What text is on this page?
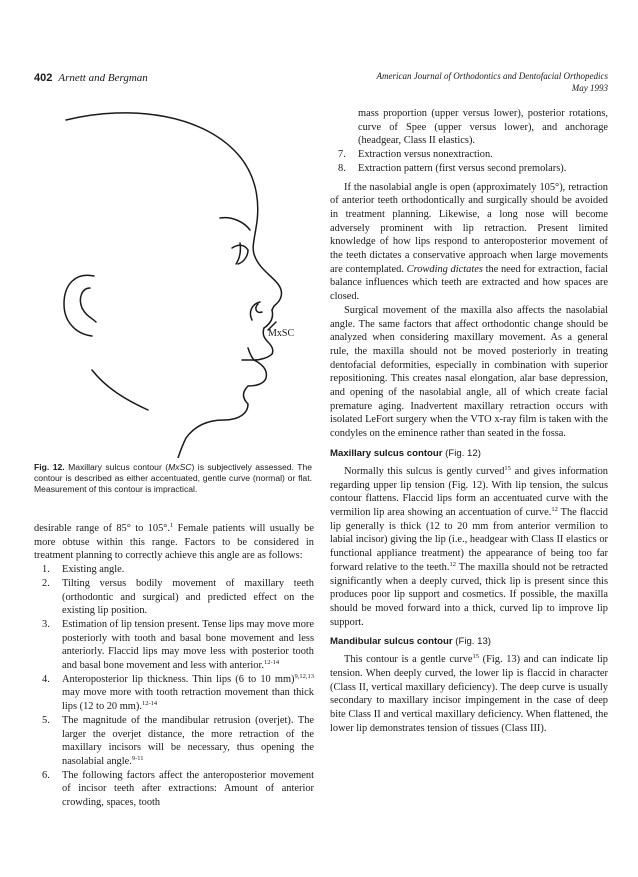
402 Arnett and Bergman	American Journal of Orthodontics and Dentofacial Orthopedics
May 1993
MxSC
Fig. 12. Maxillary sulcus contour (MxSC) is subjectively assessed. The contour is described as either accentuated, gentle curve (normal) or flat. Measurement of this contour is impractical.

desirable range of 85° to 105°.$^1$ Female patients will usually be more obtuse within this range. Factors to be considered in treatment planning to correctly achieve this angle are as follows:

1. Existing angle.
2. Tilting versus bodily movement of maxillary teeth (orthodontic and surgical) and predicted effect on the existing lip position.
3. Estimation of lip tension present. Tense lips may move more posteriorly with tooth and basal bone movement and less anteriorly. Flaccid lips may move less with posterior tooth and basal bone movement and less with anterior.$^{12-14}$
4. Anteroposterior lip thickness. Thin lips (6 to 10 mm)$^{9,12,13}$ may move more with tooth retraction movement than thick lips (12 to 20 mm).$^{12-14}$
5. The magnitude of the mandibular retrusion (overjet). The larger the overjet distance, the more retraction of the maxillary incisors will be necessary, thus opening the nasolabial angle.$^{9-11}$
6. The following factors affect the anteroposterior movement of incisor teeth after extractions: Amount of anterior crowding, spaces, tooth
mass proportion (upper versus lower), posterior rotations, curve of Spee (upper versus lower), and anchorage (headgear, Class II elastics).
7. Extraction versus nonextraction.
8. Extraction pattern (first versus second premolars).

If the nasolabial angle is open (approximately 105°), retraction of anterior teeth orthodontically and surgically should be avoided in treatment planning. Likewise, a long nose will become adversely prominent with lip retraction. Present limited knowledge of how lips respond to anteroposterior movement of the teeth dictates a conservative approach when large movements are contemplated. Crowding dictates the need for extraction, facial balance influences which teeth are extracted and how spaces are closed.

Surgical movement of the maxilla also affects the nasolabial angle. The same factors that affect orthodontic change should be analyzed when considering maxillary movement. As a general rule, the maxilla should not be moved posteriorly in treating dentofacial deformities, especially in combination with superior repositioning. This creates nasal elongation, alar base depression, and opening of the nasolabial angle, all of which create facial premature aging. Inadvertent maxillary retraction occurs with isolated LeFort surgery when the VTO x-ray film is taken with the condyles on the eminence rather than seated in the fossa.

Maxillary sulcus contour (Fig. 12)

Normally this sulcus is gently curved$^{15}$ and gives information regarding upper lip tension (Fig. 12). With lip tension, the sulcus contour flattens. Flaccid lips form an accentuated curve with the vermilion lip area showing an accentuation of curve.$^{12}$ The flaccid lip generally is thick (12 to 20 mm from anterior vermilion to labial incisor) giving the lip (i.e., headgear with Class II elastics or functional appliance treatment) the appearance of being too far forward relative to the teeth.$^{12}$ The maxilla should not be retracted significantly when a deeply curved, thick lip is present since this produces poor lip support and cosmetics. If possible, the maxilla should be moved forward into a thick, curved lip to improve lip support.

Mandibular sulcus contour (Fig. 13)

This contour is a gentle curve$^{15}$ (Fig. 13) and can indicate lip tension. When deeply curved, the lower lip is flaccid in character (Class II, vertical maxillary deficiency). The deep curve is usually secondary to maxillary incisor impingement in the case of deep bite Class II and vertical maxillary deficiency. When flattened, the lower lip demonstrates tension of tissues (Class III).
